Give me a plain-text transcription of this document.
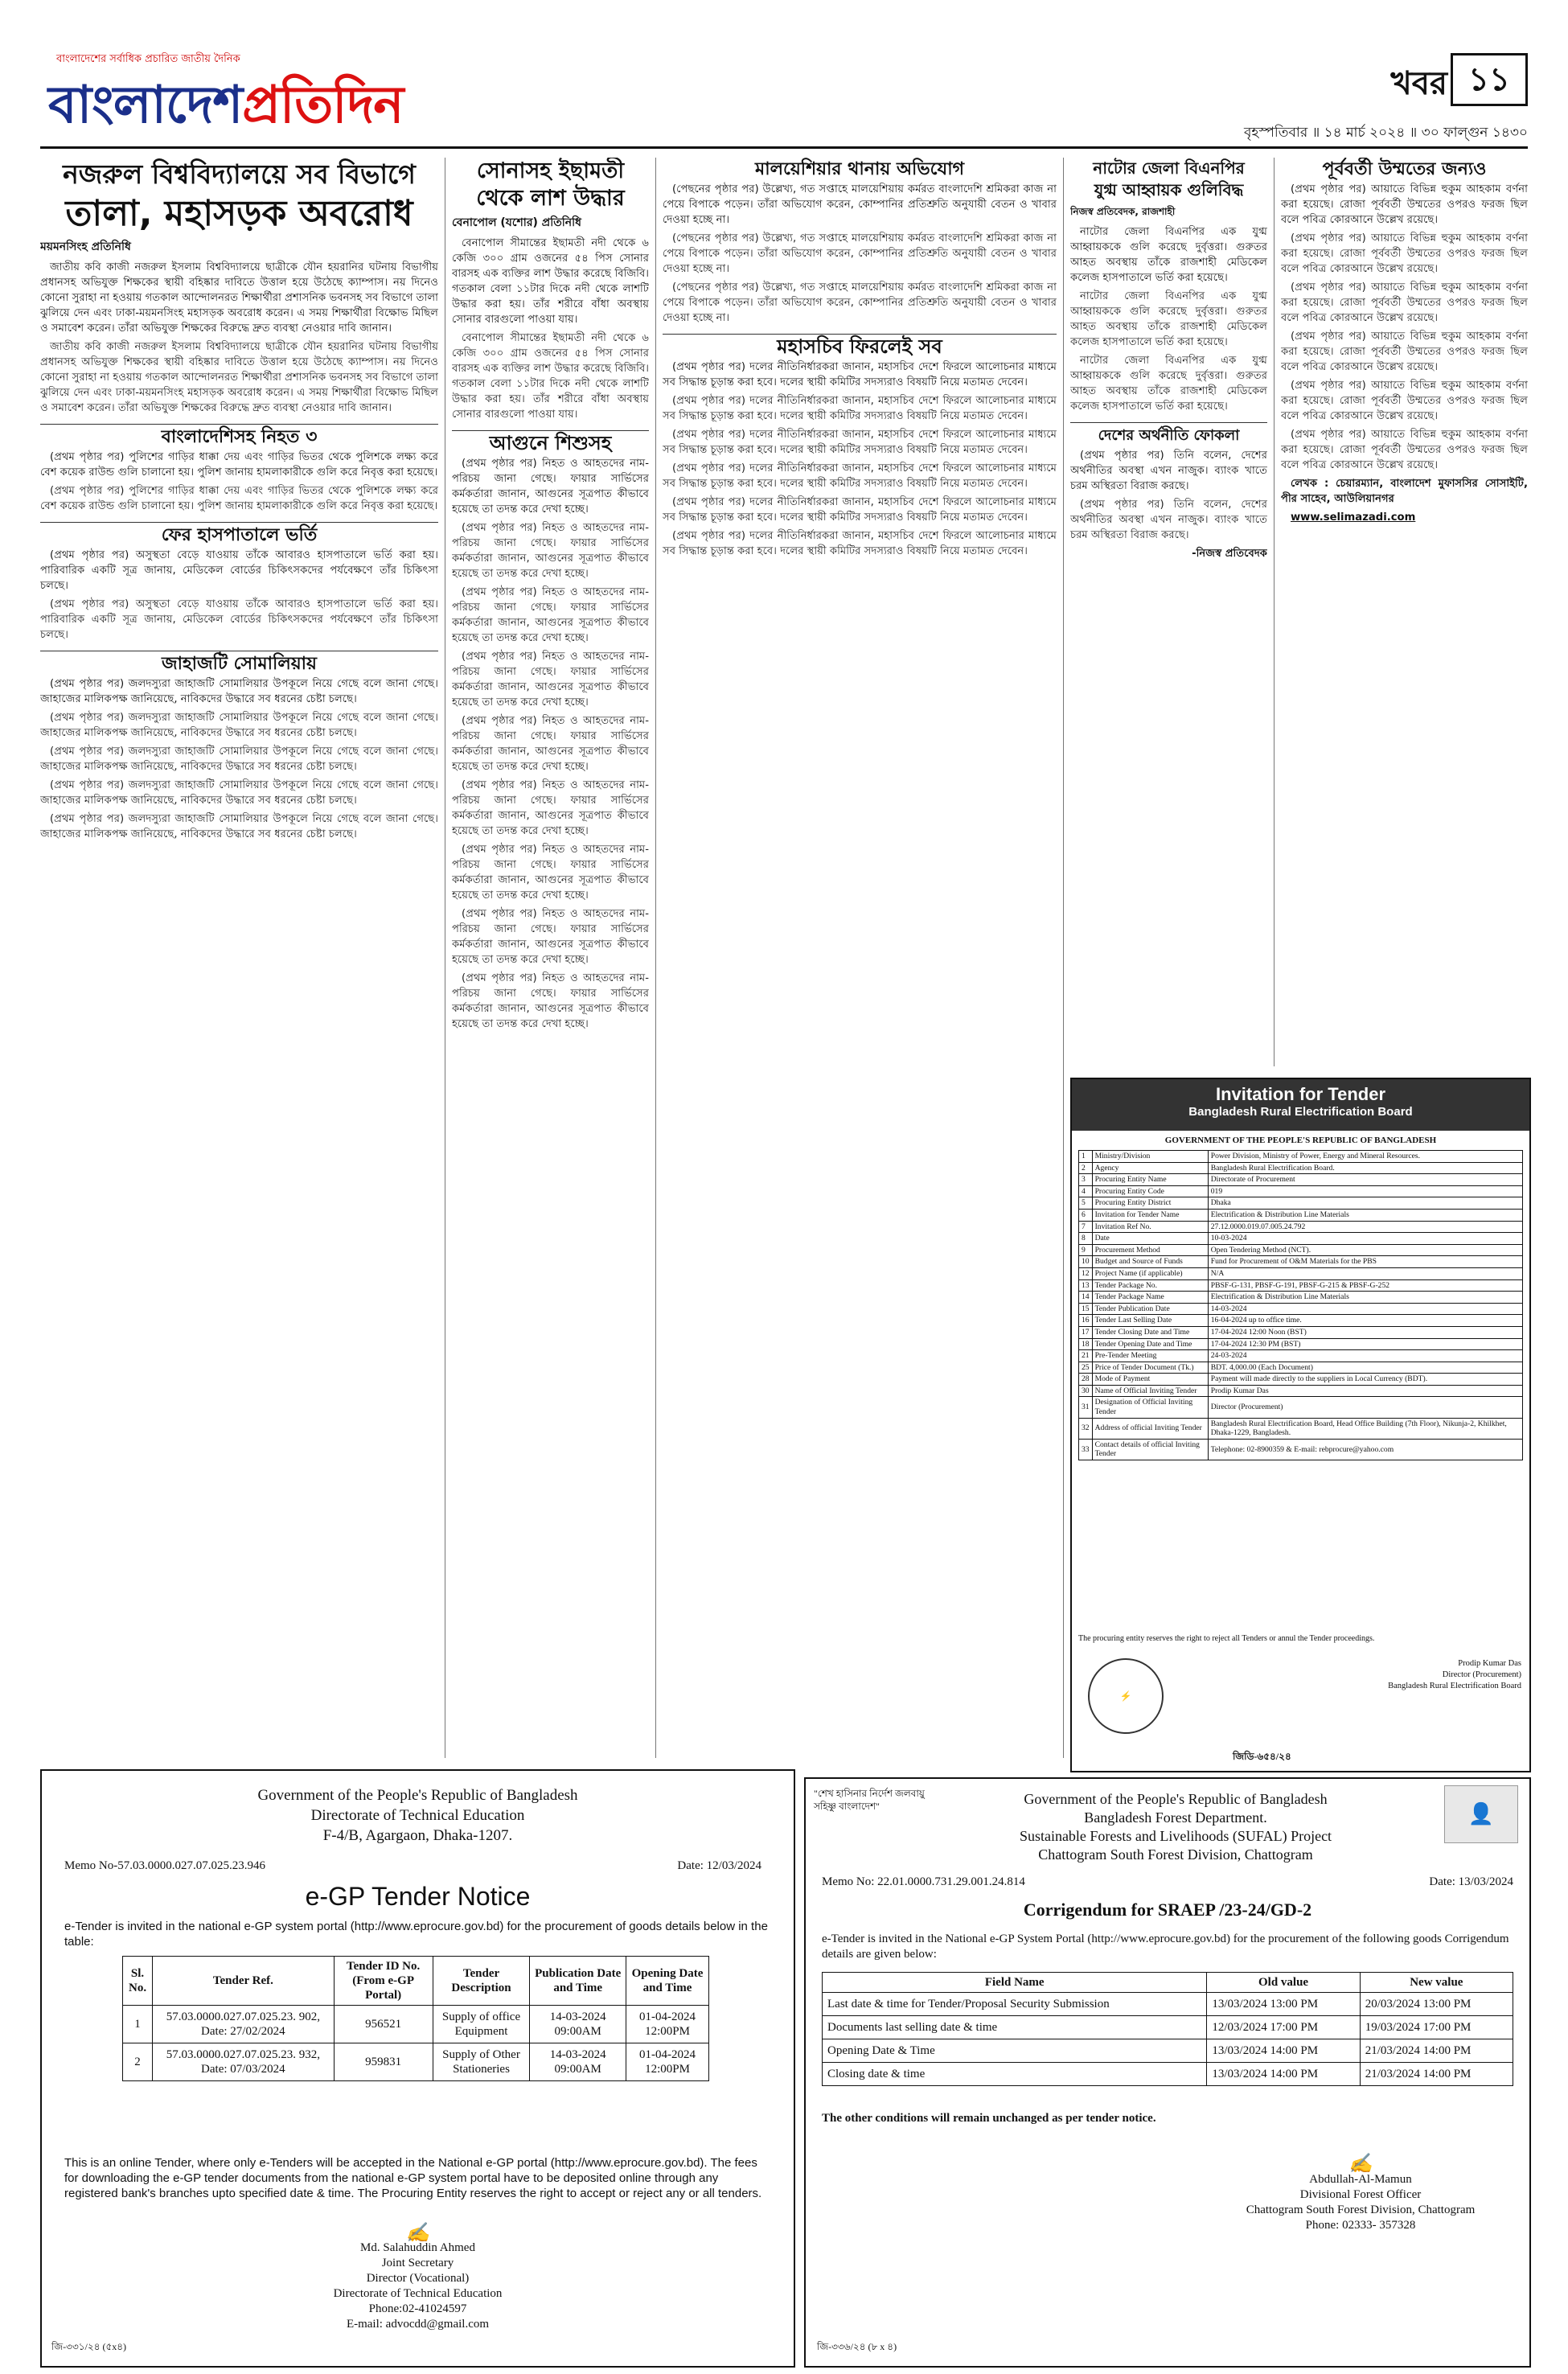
বাংলাদেশের সর্বাধিক প্রচারিত জাতীয় দৈনিক
বাংলাদেশপ্রতিদিন	খবর ১১
বৃহস্পতিবার ॥ ১৪ মার্চ ২০২৪ ॥ ৩০ ফাল্গুন ১৪৩০
নজরুল বিশ্ববিদ্যালয়ে সব বিভাগে
তালা, মহাসড়ক অবরোধ
ময়মনসিংহ প্রতিনিধি

জাতীয় কবি কাজী নজরুল ইসলাম বিশ্ববিদ্যালয়ে ছাত্রীকে যৌন হয়রানির ঘটনায় বিভাগীয় প্রধানসহ অভিযুক্ত শিক্ষকের স্থায়ী বহিষ্কার দাবিতে উত্তাল হয়ে উঠেছে ক্যাম্পাস। নয় দিনেও কোনো সুরাহা না হওয়ায় গতকাল আন্দোলনরত শিক্ষার্থীরা প্রশাসনিক ভবনসহ সব বিভাগে তালা ঝুলিয়ে দেন এবং ঢাকা-ময়মনসিংহ মহাসড়ক অবরোধ করেন। এ সময় শিক্ষার্থীরা বিক্ষোভ মিছিল ও সমাবেশ করেন। তাঁরা অভিযুক্ত শিক্ষকের বিরুদ্ধে দ্রুত ব্যবস্থা নেওয়ার দাবি জানান।

জাতীয় কবি কাজী নজরুল ইসলাম বিশ্ববিদ্যালয়ে ছাত্রীকে যৌন হয়রানির ঘটনায় বিভাগীয় প্রধানসহ অভিযুক্ত শিক্ষকের স্থায়ী বহিষ্কার দাবিতে উত্তাল হয়ে উঠেছে ক্যাম্পাস। নয় দিনেও কোনো সুরাহা না হওয়ায় গতকাল আন্দোলনরত শিক্ষার্থীরা প্রশাসনিক ভবনসহ সব বিভাগে তালা ঝুলিয়ে দেন এবং ঢাকা-ময়মনসিংহ মহাসড়ক অবরোধ করেন। এ সময় শিক্ষার্থীরা বিক্ষোভ মিছিল ও সমাবেশ করেন। তাঁরা অভিযুক্ত শিক্ষকের বিরুদ্ধে দ্রুত ব্যবস্থা নেওয়ার দাবি জানান।

বাংলাদেশিসহ নিহত ৩

(প্রথম পৃষ্ঠার পর) পুলিশের গাড়ির ধাক্কা দেয় এবং গাড়ির ভিতর থেকে পুলিশকে লক্ষ্য করে বেশ কয়েক রাউন্ড গুলি চালানো হয়। পুলিশ জানায় হামলাকারীকে গুলি করে নিবৃত্ত করা হয়েছে।

(প্রথম পৃষ্ঠার পর) পুলিশের গাড়ির ধাক্কা দেয় এবং গাড়ির ভিতর থেকে পুলিশকে লক্ষ্য করে বেশ কয়েক রাউন্ড গুলি চালানো হয়। পুলিশ জানায় হামলাকারীকে গুলি করে নিবৃত্ত করা হয়েছে।

ফের হাসপাতালে ভর্তি

(প্রথম পৃষ্ঠার পর) অসুস্থতা বেড়ে যাওয়ায় তাঁকে আবারও হাসপাতালে ভর্তি করা হয়। পারিবারিক একটি সূত্র জানায়, মেডিকেল বোর্ডের চিকিৎসকদের পর্যবেক্ষণে তাঁর চিকিৎসা চলছে।

(প্রথম পৃষ্ঠার পর) অসুস্থতা বেড়ে যাওয়ায় তাঁকে আবারও হাসপাতালে ভর্তি করা হয়। পারিবারিক একটি সূত্র জানায়, মেডিকেল বোর্ডের চিকিৎসকদের পর্যবেক্ষণে তাঁর চিকিৎসা চলছে।

জাহাজটি সোমালিয়ায়

(প্রথম পৃষ্ঠার পর) জলদস্যুরা জাহাজটি সোমালিয়ার উপকূলে নিয়ে গেছে বলে জানা গেছে। জাহাজের মালিকপক্ষ জানিয়েছে, নাবিকদের উদ্ধারে সব ধরনের চেষ্টা চলছে।

(প্রথম পৃষ্ঠার পর) জলদস্যুরা জাহাজটি সোমালিয়ার উপকূলে নিয়ে গেছে বলে জানা গেছে। জাহাজের মালিকপক্ষ জানিয়েছে, নাবিকদের উদ্ধারে সব ধরনের চেষ্টা চলছে।

(প্রথম পৃষ্ঠার পর) জলদস্যুরা জাহাজটি সোমালিয়ার উপকূলে নিয়ে গেছে বলে জানা গেছে। জাহাজের মালিকপক্ষ জানিয়েছে, নাবিকদের উদ্ধারে সব ধরনের চেষ্টা চলছে।

(প্রথম পৃষ্ঠার পর) জলদস্যুরা জাহাজটি সোমালিয়ার উপকূলে নিয়ে গেছে বলে জানা গেছে। জাহাজের মালিকপক্ষ জানিয়েছে, নাবিকদের উদ্ধারে সব ধরনের চেষ্টা চলছে।

(প্রথম পৃষ্ঠার পর) জলদস্যুরা জাহাজটি সোমালিয়ার উপকূলে নিয়ে গেছে বলে জানা গেছে। জাহাজের মালিকপক্ষ জানিয়েছে, নাবিকদের উদ্ধারে সব ধরনের চেষ্টা চলছে।

সোনাসহ ইছামতী
থেকে লাশ উদ্ধার
বেনাপোল (যশোর) প্রতিনিধি

বেনাপোল সীমান্তের ইছামতী নদী থেকে ৬ কেজি ৩০০ গ্রাম ওজনের ৫৪ পিস সোনার বারসহ এক ব্যক্তির লাশ উদ্ধার করেছে বিজিবি। গতকাল বেলা ১১টার দিকে নদী থেকে লাশটি উদ্ধার করা হয়। তাঁর শরীরে বাঁধা অবস্থায় সোনার বারগুলো পাওয়া যায়।

বেনাপোল সীমান্তের ইছামতী নদী থেকে ৬ কেজি ৩০০ গ্রাম ওজনের ৫৪ পিস সোনার বারসহ এক ব্যক্তির লাশ উদ্ধার করেছে বিজিবি। গতকাল বেলা ১১টার দিকে নদী থেকে লাশটি উদ্ধার করা হয়। তাঁর শরীরে বাঁধা অবস্থায় সোনার বারগুলো পাওয়া যায়।

আগুনে শিশুসহ

(প্রথম পৃষ্ঠার পর) নিহত ও আহতদের নাম-পরিচয় জানা গেছে। ফায়ার সার্ভিসের কর্মকর্তারা জানান, আগুনের সূত্রপাত কীভাবে হয়েছে তা তদন্ত করে দেখা হচ্ছে।

(প্রথম পৃষ্ঠার পর) নিহত ও আহতদের নাম-পরিচয় জানা গেছে। ফায়ার সার্ভিসের কর্মকর্তারা জানান, আগুনের সূত্রপাত কীভাবে হয়েছে তা তদন্ত করে দেখা হচ্ছে।

(প্রথম পৃষ্ঠার পর) নিহত ও আহতদের নাম-পরিচয় জানা গেছে। ফায়ার সার্ভিসের কর্মকর্তারা জানান, আগুনের সূত্রপাত কীভাবে হয়েছে তা তদন্ত করে দেখা হচ্ছে।

(প্রথম পৃষ্ঠার পর) নিহত ও আহতদের নাম-পরিচয় জানা গেছে। ফায়ার সার্ভিসের কর্মকর্তারা জানান, আগুনের সূত্রপাত কীভাবে হয়েছে তা তদন্ত করে দেখা হচ্ছে।

(প্রথম পৃষ্ঠার পর) নিহত ও আহতদের নাম-পরিচয় জানা গেছে। ফায়ার সার্ভিসের কর্মকর্তারা জানান, আগুনের সূত্রপাত কীভাবে হয়েছে তা তদন্ত করে দেখা হচ্ছে।

(প্রথম পৃষ্ঠার পর) নিহত ও আহতদের নাম-পরিচয় জানা গেছে। ফায়ার সার্ভিসের কর্মকর্তারা জানান, আগুনের সূত্রপাত কীভাবে হয়েছে তা তদন্ত করে দেখা হচ্ছে।

(প্রথম পৃষ্ঠার পর) নিহত ও আহতদের নাম-পরিচয় জানা গেছে। ফায়ার সার্ভিসের কর্মকর্তারা জানান, আগুনের সূত্রপাত কীভাবে হয়েছে তা তদন্ত করে দেখা হচ্ছে।

(প্রথম পৃষ্ঠার পর) নিহত ও আহতদের নাম-পরিচয় জানা গেছে। ফায়ার সার্ভিসের কর্মকর্তারা জানান, আগুনের সূত্রপাত কীভাবে হয়েছে তা তদন্ত করে দেখা হচ্ছে।

(প্রথম পৃষ্ঠার পর) নিহত ও আহতদের নাম-পরিচয় জানা গেছে। ফায়ার সার্ভিসের কর্মকর্তারা জানান, আগুনের সূত্রপাত কীভাবে হয়েছে তা তদন্ত করে দেখা হচ্ছে।

মালয়েশিয়ার থানায় অভিযোগ

(পেছনের পৃষ্ঠার পর) উল্লেখ্য, গত সপ্তাহে মালয়েশিয়ায় কর্মরত বাংলাদেশি শ্রমিকরা কাজ না পেয়ে বিপাকে পড়েন। তাঁরা অভিযোগ করেন, কোম্পানির প্রতিশ্রুতি অনুযায়ী বেতন ও খাবার দেওয়া হচ্ছে না।

(পেছনের পৃষ্ঠার পর) উল্লেখ্য, গত সপ্তাহে মালয়েশিয়ায় কর্মরত বাংলাদেশি শ্রমিকরা কাজ না পেয়ে বিপাকে পড়েন। তাঁরা অভিযোগ করেন, কোম্পানির প্রতিশ্রুতি অনুযায়ী বেতন ও খাবার দেওয়া হচ্ছে না।

(পেছনের পৃষ্ঠার পর) উল্লেখ্য, গত সপ্তাহে মালয়েশিয়ায় কর্মরত বাংলাদেশি শ্রমিকরা কাজ না পেয়ে বিপাকে পড়েন। তাঁরা অভিযোগ করেন, কোম্পানির প্রতিশ্রুতি অনুযায়ী বেতন ও খাবার দেওয়া হচ্ছে না।

মহাসচিব ফিরলেই সব

(প্রথম পৃষ্ঠার পর) দলের নীতিনির্ধারকরা জানান, মহাসচিব দেশে ফিরলে আলোচনার মাধ্যমে সব সিদ্ধান্ত চূড়ান্ত করা হবে। দলের স্থায়ী কমিটির সদস্যরাও বিষয়টি নিয়ে মতামত দেবেন।

(প্রথম পৃষ্ঠার পর) দলের নীতিনির্ধারকরা জানান, মহাসচিব দেশে ফিরলে আলোচনার মাধ্যমে সব সিদ্ধান্ত চূড়ান্ত করা হবে। দলের স্থায়ী কমিটির সদস্যরাও বিষয়টি নিয়ে মতামত দেবেন।

(প্রথম পৃষ্ঠার পর) দলের নীতিনির্ধারকরা জানান, মহাসচিব দেশে ফিরলে আলোচনার মাধ্যমে সব সিদ্ধান্ত চূড়ান্ত করা হবে। দলের স্থায়ী কমিটির সদস্যরাও বিষয়টি নিয়ে মতামত দেবেন।

(প্রথম পৃষ্ঠার পর) দলের নীতিনির্ধারকরা জানান, মহাসচিব দেশে ফিরলে আলোচনার মাধ্যমে সব সিদ্ধান্ত চূড়ান্ত করা হবে। দলের স্থায়ী কমিটির সদস্যরাও বিষয়টি নিয়ে মতামত দেবেন।

(প্রথম পৃষ্ঠার পর) দলের নীতিনির্ধারকরা জানান, মহাসচিব দেশে ফিরলে আলোচনার মাধ্যমে সব সিদ্ধান্ত চূড়ান্ত করা হবে। দলের স্থায়ী কমিটির সদস্যরাও বিষয়টি নিয়ে মতামত দেবেন।

(প্রথম পৃষ্ঠার পর) দলের নীতিনির্ধারকরা জানান, মহাসচিব দেশে ফিরলে আলোচনার মাধ্যমে সব সিদ্ধান্ত চূড়ান্ত করা হবে। দলের স্থায়ী কমিটির সদস্যরাও বিষয়টি নিয়ে মতামত দেবেন।

নাটোর জেলা বিএনপির
যুগ্ম আহ্বায়ক গুলিবিদ্ধ
নিজস্ব প্রতিবেদক, রাজশাহী

নাটোর জেলা বিএনপির এক যুগ্ম আহ্বায়ককে গুলি করেছে দুর্বৃত্তরা। গুরুতর আহত অবস্থায় তাঁকে রাজশাহী মেডিকেল কলেজ হাসপাতালে ভর্তি করা হয়েছে।

নাটোর জেলা বিএনপির এক যুগ্ম আহ্বায়ককে গুলি করেছে দুর্বৃত্তরা। গুরুতর আহত অবস্থায় তাঁকে রাজশাহী মেডিকেল কলেজ হাসপাতালে ভর্তি করা হয়েছে।

নাটোর জেলা বিএনপির এক যুগ্ম আহ্বায়ককে গুলি করেছে দুর্বৃত্তরা। গুরুতর আহত অবস্থায় তাঁকে রাজশাহী মেডিকেল কলেজ হাসপাতালে ভর্তি করা হয়েছে।

দেশের অর্থনীতি ফোকলা

(প্রথম পৃষ্ঠার পর) তিনি বলেন, দেশের অর্থনীতির অবস্থা এখন নাজুক। ব্যাংক খাতে চরম অস্থিরতা বিরাজ করছে।

(প্রথম পৃষ্ঠার পর) তিনি বলেন, দেশের অর্থনীতির অবস্থা এখন নাজুক। ব্যাংক খাতে চরম অস্থিরতা বিরাজ করছে।

-নিজস্ব প্রতিবেদক

পূর্ববর্তী উম্মতের জন্যও

(প্রথম পৃষ্ঠার পর) আয়াতে বিভিন্ন হুকুম আহকাম বর্ণনা করা হয়েছে। রোজা পূর্ববর্তী উম্মতের ওপরও ফরজ ছিল বলে পবিত্র কোরআনে উল্লেখ রয়েছে।

(প্রথম পৃষ্ঠার পর) আয়াতে বিভিন্ন হুকুম আহকাম বর্ণনা করা হয়েছে। রোজা পূর্ববর্তী উম্মতের ওপরও ফরজ ছিল বলে পবিত্র কোরআনে উল্লেখ রয়েছে।

(প্রথম পৃষ্ঠার পর) আয়াতে বিভিন্ন হুকুম আহকাম বর্ণনা করা হয়েছে। রোজা পূর্ববর্তী উম্মতের ওপরও ফরজ ছিল বলে পবিত্র কোরআনে উল্লেখ রয়েছে।

(প্রথম পৃষ্ঠার পর) আয়াতে বিভিন্ন হুকুম আহকাম বর্ণনা করা হয়েছে। রোজা পূর্ববর্তী উম্মতের ওপরও ফরজ ছিল বলে পবিত্র কোরআনে উল্লেখ রয়েছে।

(প্রথম পৃষ্ঠার পর) আয়াতে বিভিন্ন হুকুম আহকাম বর্ণনা করা হয়েছে। রোজা পূর্ববর্তী উম্মতের ওপরও ফরজ ছিল বলে পবিত্র কোরআনে উল্লেখ রয়েছে।

(প্রথম পৃষ্ঠার পর) আয়াতে বিভিন্ন হুকুম আহকাম বর্ণনা করা হয়েছে। রোজা পূর্ববর্তী উম্মতের ওপরও ফরজ ছিল বলে পবিত্র কোরআনে উল্লেখ রয়েছে।

লেখক : চেয়ারম্যান, বাংলাদেশ মুফাসসির সোসাইটি, পীর সাহেব, আউলিয়ানগর

www.selimazadi.com

Invitation for Tender
Bangladesh Rural Electrification Board
GOVERNMENT OF THE PEOPLE'S REPUBLIC OF BANGLADESH
1	Ministry/Division	Power Division, Ministry of Power, Energy and Mineral Resources.
2	Agency	Bangladesh Rural Electrification Board.
3	Procuring Entity Name	Directorate of Procurement
4	Procuring Entity Code	019
5	Procuring Entity District	Dhaka
6	Invitation for Tender Name	Electrification & Distribution Line Materials
7	Invitation Ref No.	27.12.0000.019.07.005.24.792
8	Date	10-03-2024
9	Procurement Method	Open Tendering Method (NCT).
10	Budget and Source of Funds	Fund for Procurement of O&M Materials for the PBS
12	Project Name (if applicable)	N/A
13	Tender Package No.	PBSF-G-131, PBSF-G-191, PBSF-G-215 & PBSF-G-252
14	Tender Package Name	Electrification & Distribution Line Materials
15	Tender Publication Date	14-03-2024
16	Tender Last Selling Date	16-04-2024 up to office time.
17	Tender Closing Date and Time	17-04-2024 12:00 Noon (BST)
18	Tender Opening Date and Time	17-04-2024 12:30 PM (BST)
21	Pre-Tender Meeting	24-03-2024
25	Price of Tender Document (Tk.)	BDT. 4,000.00 (Each Document)
28	Mode of Payment	Payment will made directly to the suppliers in Local Currency (BDT).
30	Name of Official Inviting Tender	Prodip Kumar Das
31	Designation of Official Inviting Tender	Director (Procurement)
32	Address of official Inviting Tender	Bangladesh Rural Electrification Board, Head Office Building (7th Floor), Nikunja-2, Khilkhet, Dhaka-1229, Bangladesh.
33	Contact details of official Inviting Tender	Telephone: 02-8900359 & E-mail: rebprocure@yahoo.com
The procuring entity reserves the right to reject all Tenders or annul the Tender proceedings.
⚡
Prodip Kumar Das
Director (Procurement)
Bangladesh Rural Electrification Board
জিডি-৬৫৪/২৪
Government of the People's Republic of Bangladesh
Directorate of Technical Education
F-4/B, Agargaon, Dhaka-1207.
Memo No-57.03.0000.027.07.025.23.946	Date: 12/03/2024
e-GP Tender Notice
e-Tender is invited in the national e-GP system portal (http://www.eprocure.gov.bd) for the procurement of goods details below in the table:
Sl. No.	Tender Ref.	Tender ID No. (From e-GP Portal)	Tender Description	Publication Date and Time	Opening Date and Time
1	57.03.0000.027.07.025.23. 902, Date: 27/02/2024	956521	Supply of office Equipment	14-03-2024 09:00AM	01-04-2024 12:00PM
2	57.03.0000.027.07.025.23. 932, Date: 07/03/2024	959831	Supply of Other Stationeries	14-03-2024 09:00AM	01-04-2024 12:00PM
This is an online Tender, where only e-Tenders will be accepted in the National e-GP portal (http://www.eprocure.gov.bd). The fees for downloading the e-GP tender documents from the national e-GP system portal have to be deposited online through any registered bank's branches upto specified date & time. The Procuring Entity reserves the right to accept or reject any or all tenders.
✍
Md. Salahuddin Ahmed
Joint Secretary
Director (Vocational)
Directorate of Technical Education
Phone:02-41024597
E-mail: advocdd@gmail.com
জি-৩৩১/২৪ (৫x৪)
"শেখ হাসিনার নির্দেশ জলবায়ু সহিষ্ণু বাংলাদেশ"	👤
Government of the People's Republic of Bangladesh
Bangladesh Forest Department.
Sustainable Forests and Livelihoods (SUFAL) Project
Chattogram South Forest Division, Chattogram
Memo No: 22.01.0000.731.29.001.24.814	Date: 13/03/2024
Corrigendum for SRAEP /23-24/GD-2
e-Tender is invited in the National e-GP System Portal (http://www.eprocure.gov.bd) for the procurement of the following goods Corrigendum details are given below:
Field Name	Old value	New value
Last date & time for Tender/Proposal Security Submission	13/03/2024 13:00 PM	20/03/2024 13:00 PM
Documents last selling date & time	12/03/2024 17:00 PM	19/03/2024 17:00 PM
Opening Date & Time	13/03/2024 14:00 PM	21/03/2024 14:00 PM
Closing date & time	13/03/2024 14:00 PM	21/03/2024 14:00 PM
The other conditions will remain unchanged as per tender notice.
✍
Abdullah-Al-Mamun
Divisional Forest Officer
Chattogram South Forest Division, Chattogram
Phone: 02333- 357328
জি-৩৩৬/২৪ (৮ x ৪)
